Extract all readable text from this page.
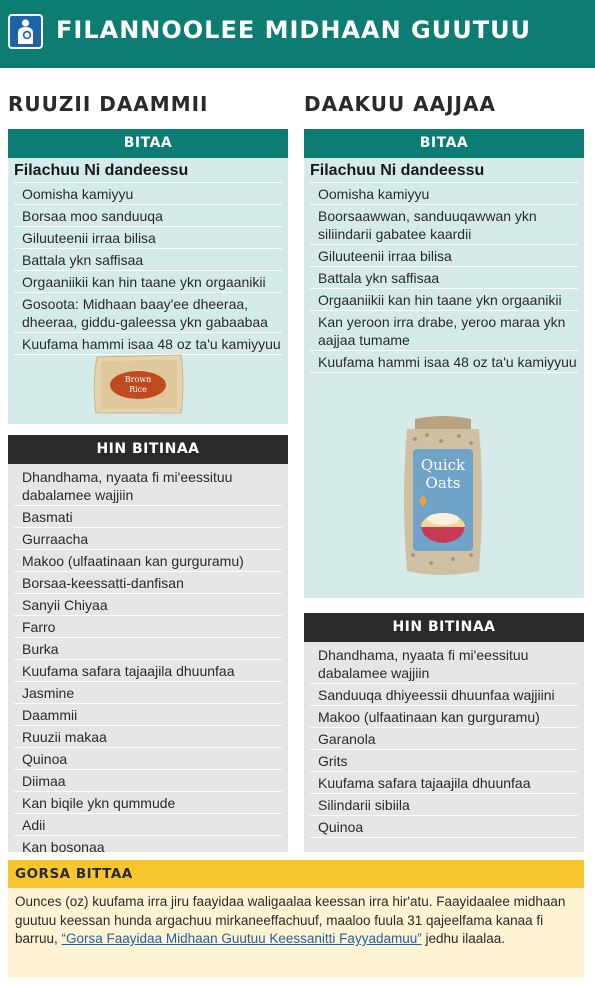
FILANNOOLEE MIDHAAN GUUTUU
RUUZII DAAMMII
BITAA
Filachuu Ni dandeessu
Oomisha kamiyyu
Borsaa moo sanduuqa
Giluuteenii irraa bilisa
Battala ykn saffisaa
Orgaaniikii kan hin taane ykn orgaanikii
Gosoota: Midhaan baay'ee dheeraa, dheeraa, giddu-galeessa ykn gabaabaa
Kuufama hammi isaa 48 oz ta'u kamiyyuu
Brown
Rice
HIN BITINAA
Dhandhama, nyaata fi mi'eessituu dabalamee wajjiin
Basmati
Gurraacha
Makoo (ulfaatinaan kan gurguramu)
Borsaa-keessatti-danfisan
Sanyii Chiyaa
Farro
Burka
Kuufama safara tajaajila dhuunfaa
Jasmine
Daammii
Ruuzii makaa
Quinoa
Diimaa
Kan biqile ykn qummude
Adii
Kan bosonaa
DAAKUU AAJJAA
BITAA
Filachuu Ni dandeessu
Oomisha kamiyyu
Boorsaawwan, sanduuqawwan ykn siliindarii gabatee kaardii
Giluuteenii irraa bilisa
Battala ykn saffisaa
Orgaaniikii kan hin taane ykn orgaanikii
Kan yeroon irra drabe, yeroo maraa ykn aajjaa tumame
Kuufama hammi isaa 48 oz ta'u kamiyyuu
Quick
Oats
HIN BITINAA
Dhandhama, nyaata fi mi'eessituu dabalamee wajjiin
Sanduuqa dhiyeessii dhuunfaa wajjiini
Makoo (ulfaatinaan kan gurguramu)
Garanola
Grits
Kuufama safara tajaajila dhuunfaa
Silindarii sibiila
Quinoa
GORSA BITTAA
Ounces (oz) kuufama irra jiru faayidaa waligaalaa keessan irra hir'atu. Faayidaalee midhaan guutuu keessan hunda argachuu mirkaneeffachuuf, maaloo fuula 31 qajeelfama kanaa fi barruu, “Gorsa Faayidaa Midhaan Guutuu Keessanitti Fayyadamuu” jedhu ilaalaa.
